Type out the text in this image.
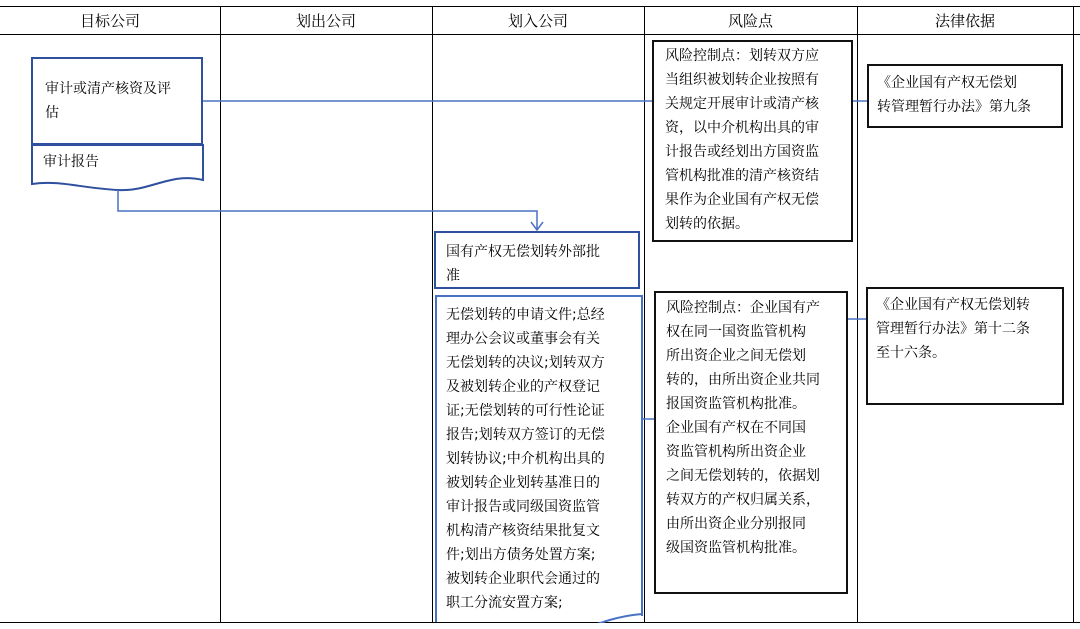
目标公司	划出公司	划入公司	风险点	法律依据
审计或清产核资及评
估
审计报告
国有产权无偿划转外部批
准
无偿划转的申请文件;总经
理办公会议或董事会有关
无偿划转的决议;划转双方
及被划转企业的产权登记
证;无偿划转的可行性论证
报告;划转双方签订的无偿
划转协议;中介机构出具的
被划转企业划转基准日的
审计报告或同级国资监管
机构清产核资结果批复文
件;划出方债务处置方案;
被划转企业职代会通过的
职工分流安置方案;
风险控制点：划转双方应
当组织被划转企业按照有
关规定开展审计或清产核
资，以中介机构出具的审
计报告或经划出方国资监
管机构批准的清产核资结
果作为企业国有产权无偿
划转的依据。
风险控制点：企业国有产
权在同一国资监管机构
所出资企业之间无偿划
转的，由所出资企业共同
报国资监管机构批准。
企业国有产权在不同国
资监管机构所出资企业
之间无偿划转的，依据划
转双方的产权归属关系，
由所出资企业分别报同
级国资监管机构批准。
《企业国有产权无偿划
转管理暂行办法》第九条
《企业国有产权无偿划转
管理暂行办法》第十二条
至十六条。
